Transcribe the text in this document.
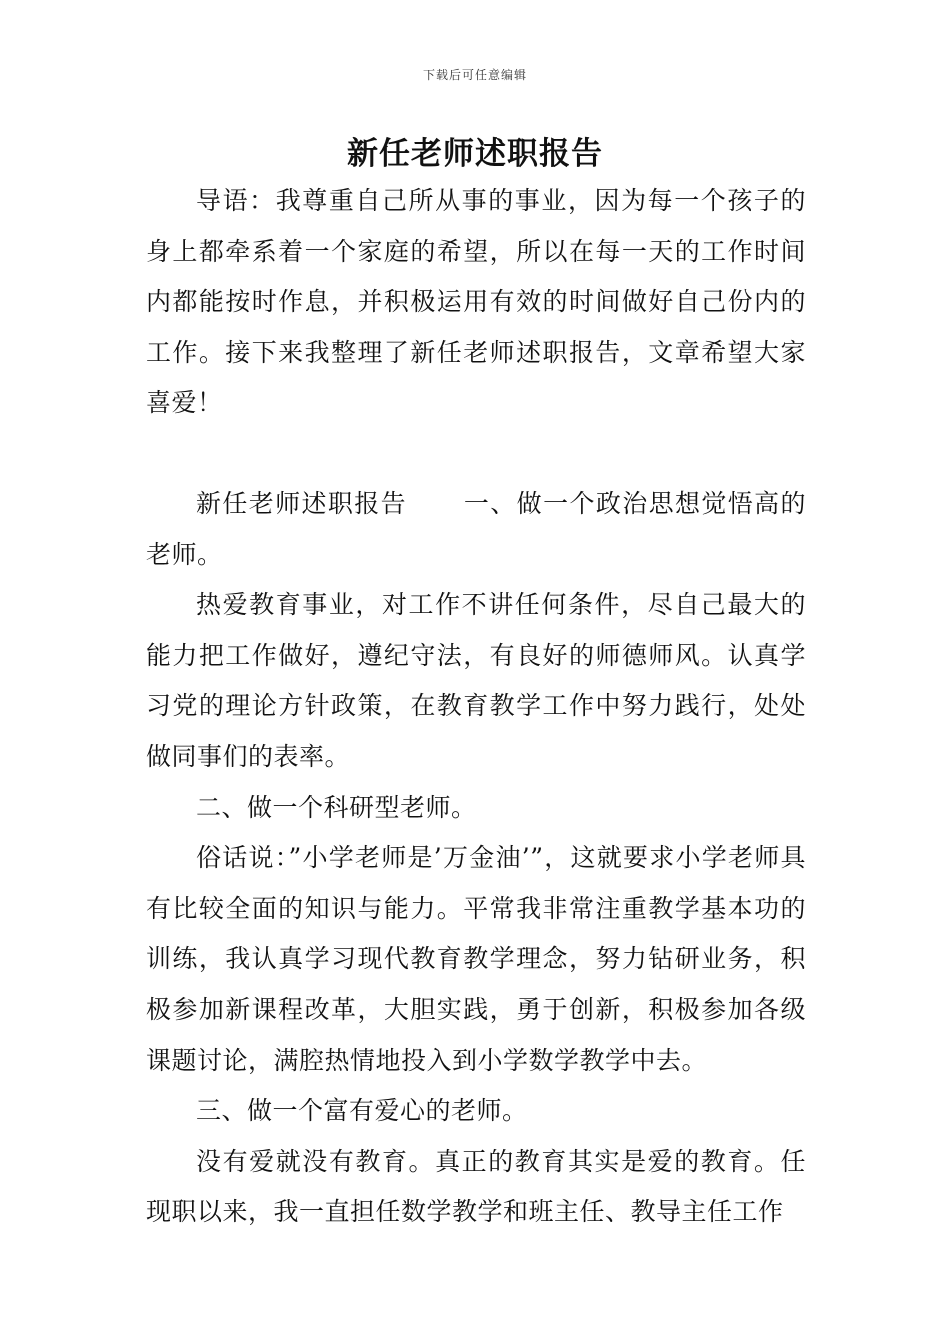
下载后可任意编辑
新任老师述职报告

导语：我尊重自己所从事的事业，因为每一个孩子的身上都牵系着一个家庭的希望，所以在每一天的工作时间内都能按时作息，并积极运用有效的时间做好自己份内的工作。接下来我整理了新任老师述职报告，文章希望大家喜爱！

新任老师述职报告 一、做一个政治思想觉悟高的老师。

热爱教育事业，对工作不讲任何条件，尽自己最大的能力把工作做好，遵纪守法，有良好的师德师风。认真学习党的理论方针政策，在教育教学工作中努力践行，处处做同事们的表率。

二、做一个科研型老师。

俗话说：”小学老师是’万金油’”，这就要求小学老师具有比较全面的知识与能力。平常我非常注重教学基本功的训练，我认真学习现代教育教学理念，努力钻研业务，积极参加新课程改革，大胆实践，勇于创新，积极参加各级课题讨论，满腔热情地投入到小学数学教学中去。

三、做一个富有爱心的老师。

没有爱就没有教育。真正的教育其实是爱的教育。任现职以来，我一直担任数学教学和班主任、教导主任工作
